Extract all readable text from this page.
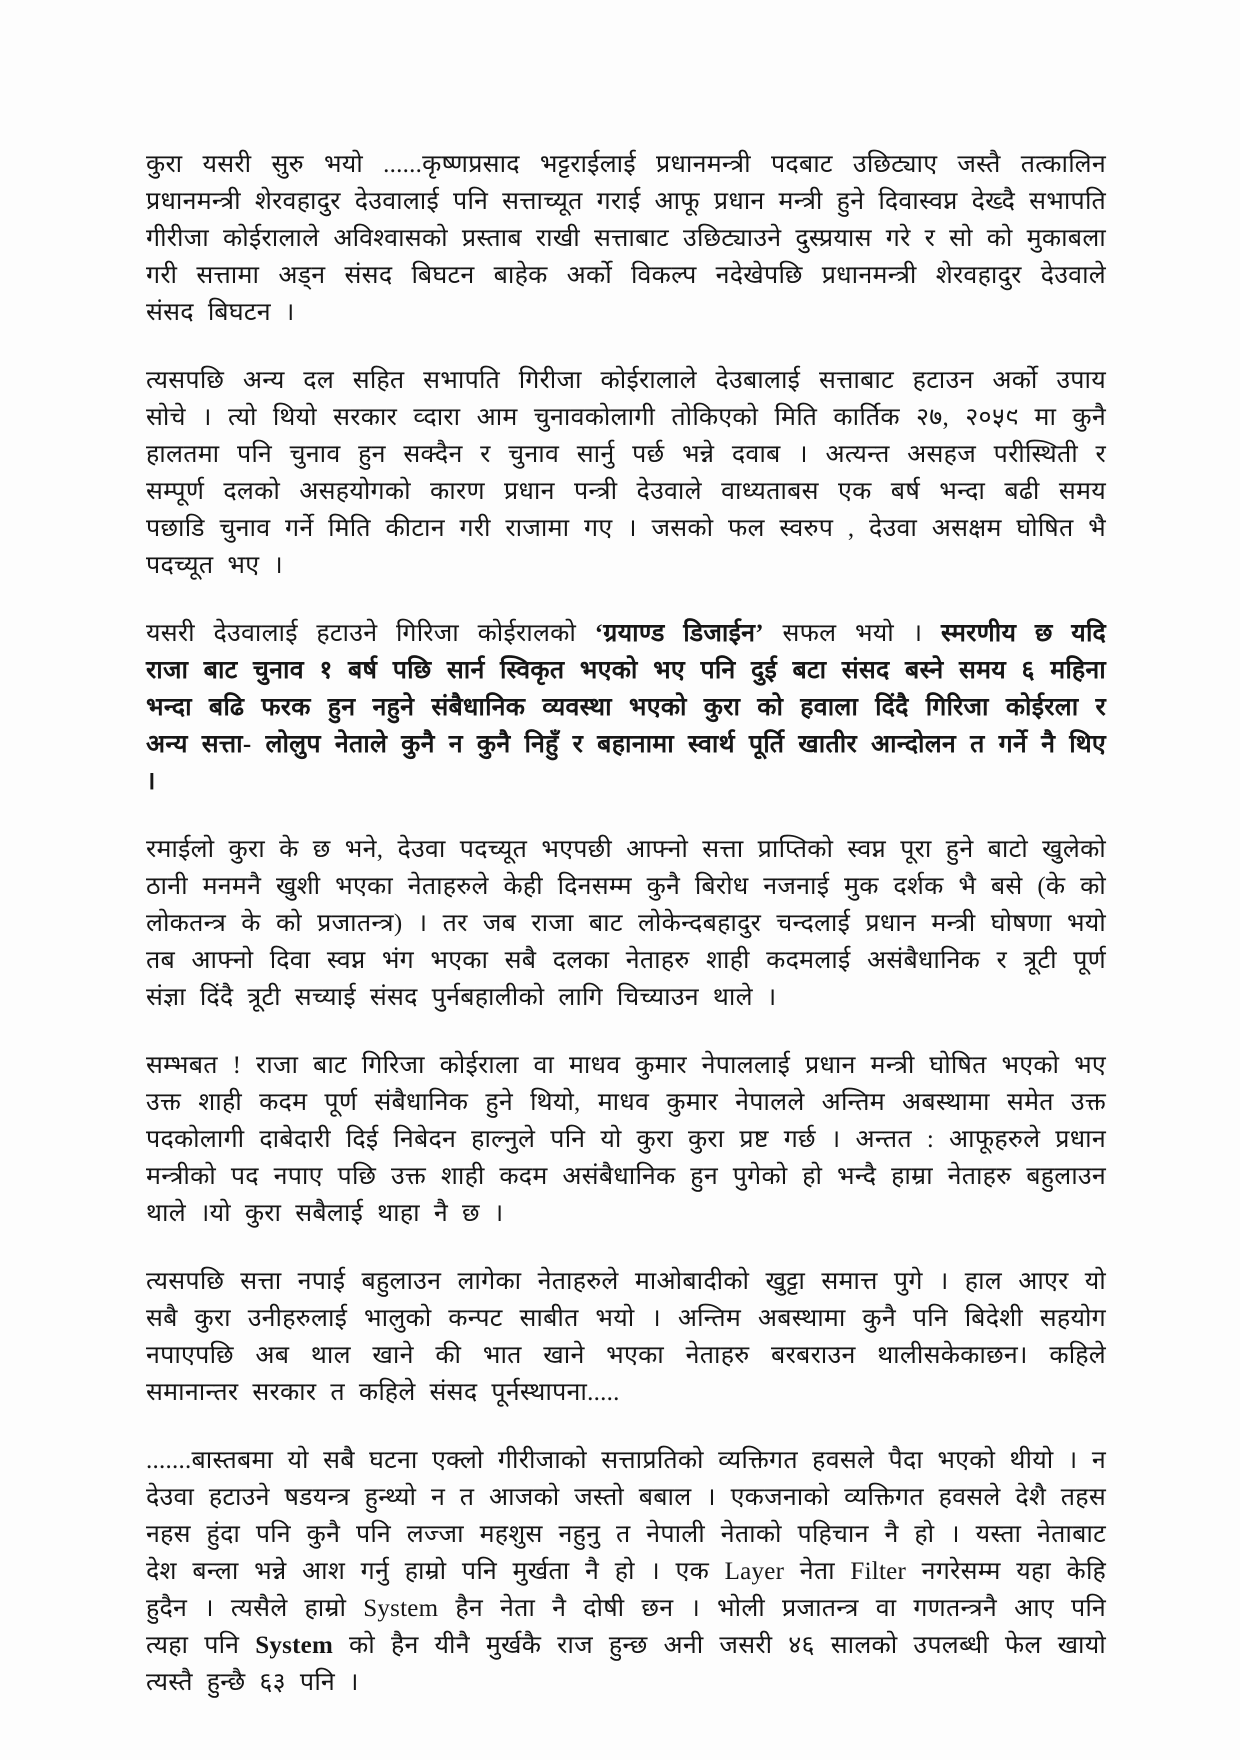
कुरा यसरी सुरु भयो ......कृष्णप्रसाद भट्टराईलाई प्रधानमन्त्री पदबाट उछिट्याए जस्तै तत्कालिन प्रधानमन्त्री शेरवहादुर देउवालाई पनि सत्ताच्यूत गराई आफू प्रधान मन्त्री हुने दिवास्वप्न देख्दै सभापति गीरीजा कोईरालाले अविश्वासको प्रस्ताब राखी सत्ताबाट उछिट्याउने दुस्प्रयास गरे र सो को मुकाबला गरी सत्तामा अड्न संसद बिघटन बाहेक अर्को विकल्प नदेखेपछि प्रधानमन्त्री शेरवहादुर देउवाले संसद बिघटन ।

त्यसपछि अन्य दल सहित सभापति गिरीजा कोईरालाले देउबालाई सत्ताबाट हटाउन अर्को उपाय सोचे । त्यो थियो सरकार व्दारा आम चुनावकोलागी तोकिएको मिति कार्तिक २७, २०५९ मा कुनै हालतमा पनि चुनाव हुन सक्दैन र चुनाव सार्नु पर्छ भन्ने दवाब । अत्यन्त असहज परीस्थिती र सम्पूर्ण दलको असहयोगको कारण प्रधान पन्त्री देउवाले वाध्यताबस एक बर्ष भन्दा बढी समय पछाडि चुनाव गर्ने मिति कीटान गरी राजामा गए । जसको फल स्वरुप , देउवा असक्षम घोषित भै पदच्यूत भए ।

यसरी देउवालाई हटाउने गिरिजा कोईरालको ‘ग्रयाण्ड डिजाईन’ सफल भयो । स्मरणीय छ यदि राजा बाट चुनाव १ बर्ष पछि सार्न स्विकृत भएको भए पनि दुई बटा संसद बस्ने समय ६ महिना भन्दा बढि फरक हुन नहुने संबैधानिक व्यवस्था भएको कुरा को हवाला दिंदै गिरिजा कोईरला र अन्य सत्ता- लोलुप नेताले कुनै न कुनै निहुँ र बहानामा स्वार्थ पूर्ति खातीर आन्दोलन त गर्ने नै थिए ।

रमाईलो कुरा के छ भने, देउवा पदच्यूत भएपछी आफ्नो सत्ता प्राप्तिको स्वप्न पूरा हुने बाटो खुलेको ठानी मनमनै खुशी भएका नेताहरुले केही दिनसम्म कुनै बिरोध नजनाई मुक दर्शक भै बसे (के को लोकतन्त्र के को प्रजातन्त्र) । तर जब राजा बाट लोकेन्दबहादुर चन्दलाई प्रधान मन्त्री घोषणा भयो तब आफ्नो दिवा स्वप्न भंग भएका सबै दलका नेताहरु शाही कदमलाई असंबैधानिक र त्रूटी पूर्ण संज्ञा दिंदै त्रूटी सच्याई संसद पुर्नबहालीको लागि चिच्याउन थाले ।

सम्भबत ! राजा बाट गिरिजा कोईराला वा माधव कुमार नेपाललाई प्रधान मन्त्री घोषित भएको भए उक्त शाही कदम पूर्ण संबैधानिक हुने थियो, माधव कुमार नेपालले अन्तिम अबस्थामा समेत उक्त पदकोलागी दाबेदारी दिई निबेदन हाल्नुले पनि यो कुरा कुरा प्रष्ट गर्छ । अन्तत : आफूहरुले प्रधान मन्त्रीको पद नपाए पछि उक्त शाही कदम असंबैधानिक हुन पुगेको हो भन्दै हाम्रा नेताहरु बहुलाउन थाले ।यो कुरा सबैलाई थाहा नै छ ।

त्यसपछि सत्ता नपाई बहुलाउन लागेका नेताहरुले माओबादीको खुट्टा समात्त पुगे । हाल आएर यो सबै कुरा उनीहरुलाई भालुको कन्पट साबीत भयो । अन्तिम अबस्थामा कुनै पनि बिदेशी सहयोग नपाएपछि अब थाल खाने की भात खाने भएका नेताहरु बरबराउन थालीसकेकाछन। कहिले समानान्तर सरकार त कहिले संसद पूर्नस्थापना.....

.......बास्तबमा यो सबै घटना एक्लो गीरीजाको सत्ताप्रतिको व्यक्तिगत हवसले पैदा भएको थीयो । न देउवा हटाउने षडयन्त्र हुन्थ्यो न त आजको जस्तो बबाल । एकजनाको व्यक्तिगत हवसले देशै तहस नहस हुंदा पनि कुनै पनि लज्जा महशुस नहुनु त नेपाली नेताको पहिचान नै हो । यस्ता नेताबाट देश बन्ला भन्ने आश गर्नु हाम्रो पनि मुर्खता नै हो । एक Layer नेता Filter नगरेसम्म यहा केहि हुदैन । त्यसैले हाम्रो System हैन नेता नै दोषी छन । भोली प्रजातन्त्र वा गणतन्त्रनै आए पनि त्यहा पनि System को हैन यीनै मुर्खकै राज हुन्छ अनी जसरी ४६ सालको उपलब्धी फेल खायो त्यस्तै हुन्छै ६३ पनि ।
